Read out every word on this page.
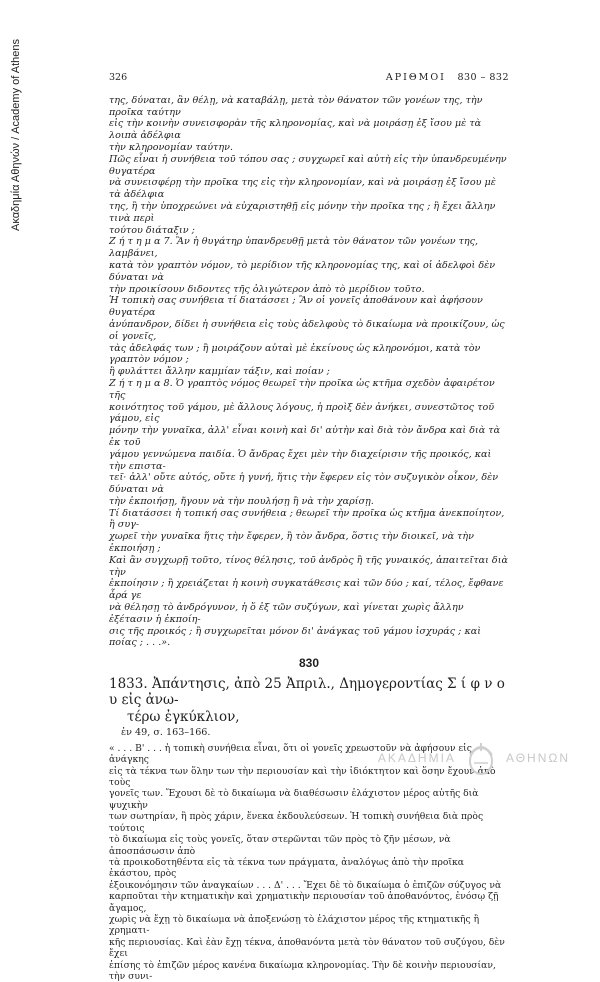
Ακαδημία Αθηνών / Academy of Athens	326	ΑΡΙΘΜΟΙ 830 – 832

της, δύναται, ἂν θέλῃ, νὰ καταβάλῃ, μετὰ τὸν θάνατον τῶν γονέων της, τὴν προῖκα ταύτην

εἰς τὴν κοινὴν συνεισφορὰν τῆς κληρονομίας, καὶ νὰ μοιράσῃ ἐξ ἴσου μὲ τὰ λοιπὰ ἀδέλφια

τὴν κληρονομίαν ταύτην.

Πῶς εἶναι ἡ συνήθεια τοῦ τόπου σας ; συγχωρεῖ καὶ αὐτὴ εἰς τὴν ὑπανδρευμένην θυγατέρα

νὰ συνεισφέρῃ τὴν προῖκα της εἰς τὴν κληρονομίαν, καὶ νὰ μοιράσῃ ἐξ ἴσου μὲ τὰ ἀδέλφια

της, ἢ τὴν ὑποχρεώνει νὰ εὐχαριστηθῇ εἰς μόνην τὴν προῖκα της ; ἢ ἔχει ἄλλην τινὰ περὶ

τούτου διάταξιν ;

Ζ ή τ η μ α 7. Ἂν ἡ θυγάτηρ ὑπανδρευθῇ μετὰ τὸν θάνατον τῶν γονέων της, λαμβάνει,

κατὰ τὸν γραπτὸν νόμον, τὸ μερίδιον τῆς κληρονομίας της, καὶ οἱ ἀδελφοὶ δὲν δύναται νὰ

τὴν προικίσουν διδοντες τῆς ὀλιγώτερον ἀπὸ τὸ μερίδιον τοῦτο.

Ἡ τοπικὴ σας συνήθεια τί διατάσσει ; Ἂν οἱ γονεῖς ἀποθάνουν καὶ ἀφήσουν θυγατέρα

ἀνύπανδρον, δίδει ἡ συνήθεια εἰς τοὺς ἀδελφοὺς τὸ δικαίωμα νὰ προικίζουν, ὡς οἱ γονεῖς,

τὰς ἀδελφάς των ; ἢ μοιράζουν αὐταὶ μὲ ἐκείνους ὡς κληρονόμοι, κατὰ τὸν γραπτὸν νόμον ;

ἢ φυλάττει ἄλλην καμμίαν τάξιν, καὶ ποίαν ;

Ζ ή τ η μ α 8. Ὁ γραπτὸς νόμος θεωρεῖ τὴν προῖκα ὡς κτῆμα σχεδὸν ἀφαιρέτον τῆς

κοινότητος τοῦ γάμου, μὲ ἄλλους λόγους, ἡ προὶξ δὲν ἀνήκει, συνεστῶτος τοῦ γάμου, εἰς

μόνην τὴν γυναῖκα, ἀλλ' εἶναι κοινὴ καὶ δι' αὐτὴν καὶ διὰ τὸν ἄνδρα καὶ διὰ τὰ ἐκ τοῦ

γάμου γεννώμενα παιδία. Ὁ ἄνδρας ἔχει μὲν τὴν διαχείρισιν τῆς προικός, καὶ τὴν επιστα-

τεῖ· ἀλλ' οὔτε αὐτός, οὔτε ἡ γυνή, ἥτις τὴν ἔφερεν εἰς τὸν συζυγικὸν οἶκον, δὲν δύναται νὰ

τὴν ἐκποιήσῃ, ἤγουν νὰ τὴν πουλήσῃ ἢ νὰ τὴν χαρίσῃ.

Τί διατάσσει ἡ τοπική σας συνήθεια ; θεωρεῖ τὴν προῖκα ὡς κτῆμα ἀνεκποίητον, ἢ συγ-

χωρεῖ τὴν γυναῖκα ἥτις τὴν ἔφερεν, ἢ τὸν ἄνδρα, ὅστις τὴν διοικεῖ, νὰ τὴν ἐκποιήσῃ ;

Καὶ ἂν συγχωρῇ τοῦτο, τίνος θέλησις, τοῦ ἀνδρὸς ἢ τῆς γυναικός, ἀπαιτεῖται διὰ τὴν

ἐκποίησιν ; ἢ χρειάζεται ἡ κοινὴ συγκατάθεσις καὶ τῶν δύο ; καί, τέλος, ἔφθανε ἆρά γε

νὰ θέλησῃ τὸ ἀνδρόγυνον, ἡ ὅ ἐξ τῶν συζύγων, καὶ γίνεται χωρὶς ἄλλην ἐξέτασιν ἡ ἐκποίη-

σις τῆς προικός ; ἢ συγχωρεῖται μόνον δι' ἀνάγκας τοῦ γάμου ἰσχυράς ; καὶ ποίας ; . . .».

830

1833. Ἀπάντησις, ἀπὸ 25 Ἀπριλ., Δημογεροντίας Σ ί φ ν ο υ εἰς ἀνω-

τέρω ἐγκύκλιον,

ἐν 49, σ. 163–166.

« . . . Β' . . . ἡ τοπικὴ συνήθεια εἶναι, ὅτι οἱ γονεῖς χρεωστοῦν νὰ ἀφήσουν εἰς ἀνάγκης

εἰς τὰ τέκνα των ὅλην των τὴν περιουσίαν καὶ τὴν ἰδιόκτητον καὶ ὅσην ἔχουν ἀπὸ τοὺς

γονεῖς των. Ἔχουσι δὲ τὸ δικαίωμα νὰ διαθέσωσιν ἐλάχιστον μέρος αὐτῆς διὰ ψυχικὴν

των σωτηρίαν, ἢ πρὸς χάριν, ἕνεκα ἐκδουλεύσεων. Ἡ τοπικὴ συνήθεια διὰ πρὸς τούτοις

τὸ δικαίωμα εἰς τοὺς γονεῖς, ὅταν στερῶνται τῶν πρὸς τὸ ζῆν μέσων, νὰ ἀποσπάσωσιν ἀπὸ

τὰ προικοδοτηθέντα εἰς τὰ τέκνα των πράγματα, ἀναλόγως ἀπὸ τὴν προῖκα ἑκάστου, πρὸς

ἐξοικονόμησιν τῶν ἀναγκαίων . . . Δ' . . . Ἔχει δὲ τὸ δικαίωμα ὁ ἐπιζῶν σύζυγος νὰ

καρποῦται τὴν κτηματικὴν καὶ χρηματικὴν περιουσίαν τοῦ ἀποθανόντος, ἐνόσῳ ζῇ ἄγαμος,

χωρὶς νὰ ἔχῃ τὸ δικαίωμα νὰ ἀποξενώσῃ τὸ ἐλάχιστον μέρος τῆς κτηματικῆς ἢ χρηματι-

κῆς περιουσίας. Καὶ ἐὰν ἔχῃ τέκνα, ἀποθανόντα μετὰ τὸν θάνατον τοῦ συζύγου, δὲν ἔχει

ἐπίσης τὸ ἐπιζῶν μέρος κανένα δικαίωμα κληρονομίας. Τὴν δὲ κοινὴν περιουσίαν, τὴν συνι-

ΑΚΑΔΗΜΙΑ	ΑΘΗΝΩΝ
